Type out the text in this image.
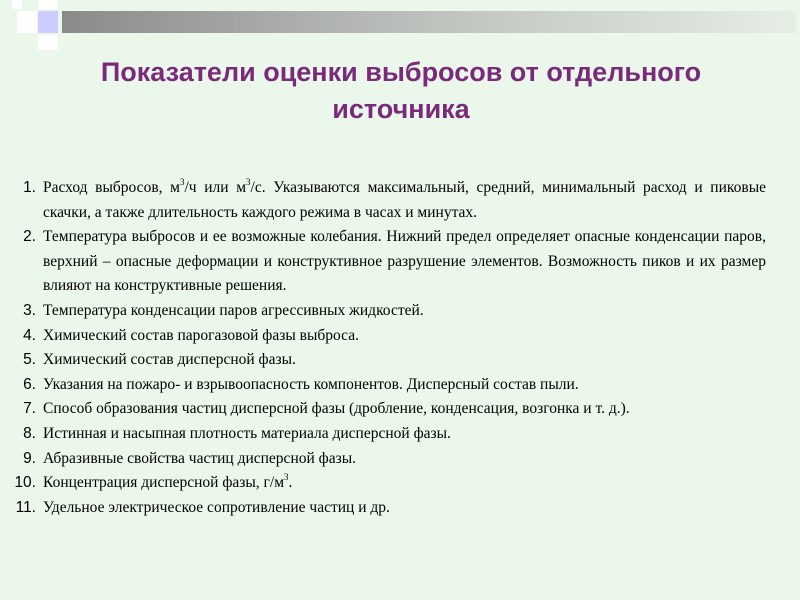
Показатели оценки выбросов от отдельного источника
1. Расход выбросов, $м^3/ч$ или $м^3/с$. Указываются максимальный, средний, минимальный расход и пиковые скачки, а также длительность каждого режима в часах и минутах.
2. Температура выбросов и ее возможные колебания. Нижний предел определяет опасные конденсации паров, верхний – опасные деформации и конструктивное разрушение элементов. Возможность пиков и их размер влияют на конструктивные решения.
3. Температура конденсации паров агрессивных жидкостей.
4. Химический состав парогазовой фазы выброса.
5. Химический состав дисперсной фазы.
6. Указания на пожаро- и взрывоопасность компонентов. Дисперсный состав пыли.
7. Способ образования частиц дисперсной фазы (дробление, конденсация, возгонка и т. д.).
8. Истинная и насыпная плотность материала дисперсной фазы.
9. Абразивные свойства частиц дисперсной фазы.
10. Концентрация дисперсной фазы, $г/м^3$.
11. Удельное электрическое сопротивление частиц и др.
